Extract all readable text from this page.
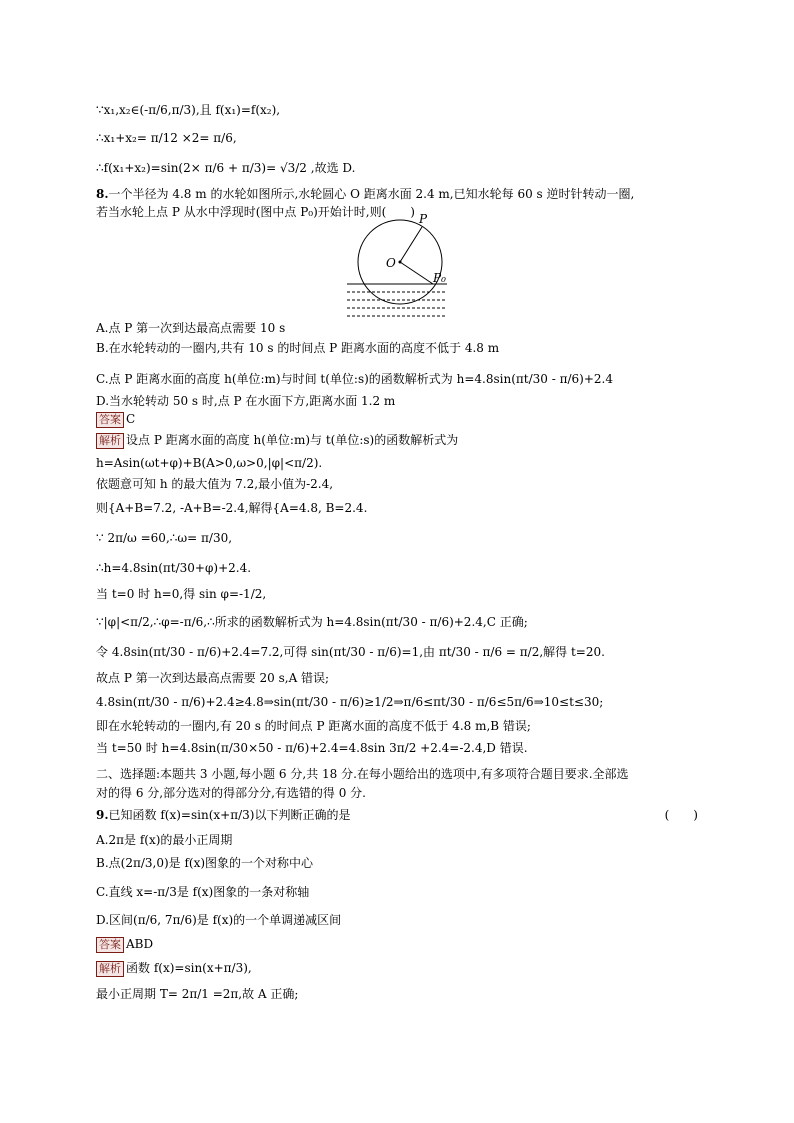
∵x₁,x₂∈(-π/6,π/3),且 f(x₁)=f(x₂),
∴x₁+x₂= π/12 ×2= π/6,
∴f(x₁+x₂)=sin(2× π/6 + π/3)= √3/2 ,故选 D.
8.一个半径为 4.8 m 的水轮如图所示,水轮圆心 O 距离水面 2.4 m,已知水轮每 60 s 逆时针转动一圈,
若当水轮上点 P 从水中浮现时(图中点 P₀)开始计时,则(　　)
O
P
P₀
A.点 P 第一次到达最高点需要 10 s
B.在水轮转动的一圈内,共有 10 s 的时间点 P 距离水面的高度不低于 4.8 m
C.点 P 距离水面的高度 h(单位:m)与时间 t(单位:s)的函数解析式为 h=4.8sin(πt/30 - π/6)+2.4
D.当水轮转动 50 s 时,点 P 在水面下方,距离水面 1.2 m
答案 C
解析 设点 P 距离水面的高度 h(单位:m)与 t(单位:s)的函数解析式为
h=Asin(ωt+φ)+B(A>0,ω>0,|φ|<π/2).
依题意可知 h 的最大值为 7.2,最小值为-2.4,
则{A+B=7.2, -A+B=-2.4,解得{A=4.8, B=2.4.
∵ 2π/ω =60,∴ω= π/30,
∴h=4.8sin(πt/30+φ)+2.4.
当 t=0 时 h=0,得 sin φ=-1/2,
∵|φ|<π/2,∴φ=-π/6,∴所求的函数解析式为 h=4.8sin(πt/30 - π/6)+2.4,C 正确;
令 4.8sin(πt/30 - π/6)+2.4=7.2,可得 sin(πt/30 - π/6)=1,由 πt/30 - π/6 = π/2,解得 t=20.
故点 P 第一次到达最高点需要 20 s,A 错误;
4.8sin(πt/30 - π/6)+2.4≥4.8⇒sin(πt/30 - π/6)≥1/2⇒π/6≤πt/30 - π/6≤5π/6⇒10≤t≤30;
即在水轮转动的一圈内,有 20 s 的时间点 P 距离水面的高度不低于 4.8 m,B 错误;
当 t=50 时 h=4.8sin(π/30×50 - π/6)+2.4=4.8sin 3π/2 +2.4=-2.4,D 错误.
二、选择题:本题共 3 小题,每小题 6 分,共 18 分.在每小题给出的选项中,有多项符合题目要求.全部选
对的得 6 分,部分选对的得部分分,有选错的得 0 分.
9.已知函数 f(x)=sin(x+π/3)以下判断正确的是	(　　)
A.2π是 f(x)的最小正周期
B.点(2π/3,0)是 f(x)图象的一个对称中心
C.直线 x=-π/3是 f(x)图象的一条对称轴
D.区间(π/6, 7π/6)是 f(x)的一个单调递减区间
答案 ABD
解析 函数 f(x)=sin(x+π/3),
最小正周期 T= 2π/1 =2π,故 A 正确;
